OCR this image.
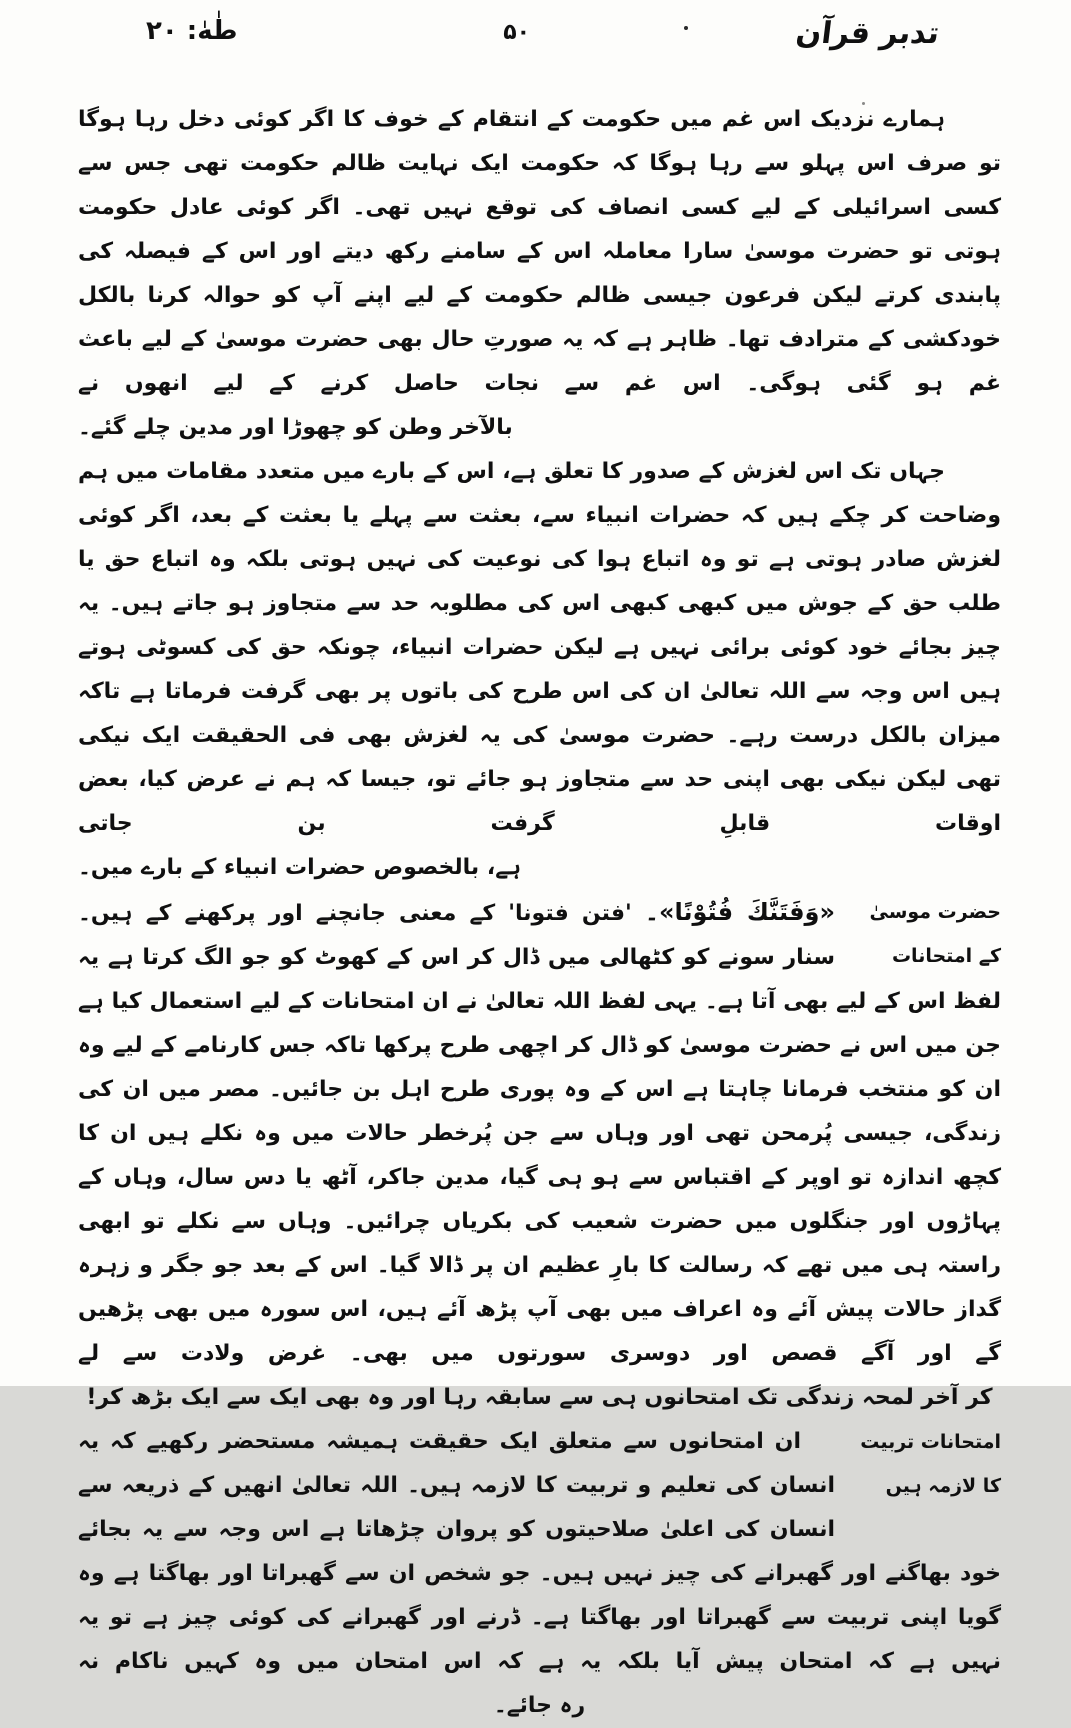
طٰهٰ: ۲۰	۵۰	تدبر قرآن
ہمارے نزدیک اس غم میں حکومت کے انتقام کے خوف کا اگر کوئی دخل رہا ہوگا تو صرف اس پہلو سے رہا ہوگا کہ حکومت ایک نہایت ظالم حکومت تھی جس سے کسی اسرائیلی کے لیے کسی انصاف کی توقع نہیں تھی۔ اگر کوئی عادل حکومت ہوتی تو حضرت موسیٰ سارا معاملہ اس کے سامنے رکھ دیتے اور اس کے فیصلہ کی پابندی کرتے لیکن فرعون جیسی ظالم حکومت کے لیے اپنے آپ کو حوالہ کرنا بالکل خودکشی کے مترادف تھا۔ ظاہر ہے کہ یہ صورتِ حال بھی حضرت موسیٰ کے لیے باعث غم ہو گئی ہوگی۔ اس غم سے نجات حاصل کرنے کے لیے انھوں نے
بالآخر وطن کو چھوڑا اور مدین چلے گئے۔
جہاں تک اس لغزش کے صدور کا تعلق ہے، اس کے بارے میں متعدد مقامات میں ہم وضاحت کر چکے ہیں کہ حضرات انبیاء سے، بعثت سے پہلے یا بعثت کے بعد، اگر کوئی لغزش صادر ہوتی ہے تو وہ اتباع ہوا کی نوعیت کی نہیں ہوتی بلکہ وہ اتباع حق یا طلب حق کے جوش میں کبھی کبھی اس کی مطلوبہ حد سے متجاوز ہو جاتے ہیں۔ یہ چیز بجائے خود کوئی برائی نہیں ہے لیکن حضرات انبیاء، چونکہ حق کی کسوٹی ہوتے ہیں اس وجہ سے اللہ تعالیٰ ان کی اس طرح کی باتوں پر بھی گرفت فرماتا ہے تاکہ میزان بالکل درست رہے۔ حضرت موسیٰ کی یہ لغزش بھی فی الحقیقت ایک نیکی تھی لیکن نیکی بھی اپنی حد سے متجاوز ہو جائے تو، جیسا کہ ہم نے عرض کیا، بعض اوقات قابلِ گرفت بن جاتی
ہے، بالخصوص حضرات انبیاء کے بارے میں۔
حضرت موسیٰ
کے امتحانات
«وَفَتَنَّكَ فُتُوْنًا»۔ 'فتن فتونا' کے معنی جانچنے اور پرکھنے کے ہیں۔ سنار سونے کو کٹھالی میں ڈال کر اس کے کھوٹ کو جو الگ کرتا ہے یہ لفظ اس کے لیے بھی آتا ہے۔ یہی لفظ اللہ تعالیٰ نے ان امتحانات کے لیے استعمال کیا ہے جن میں اس نے حضرت موسیٰ کو ڈال کر اچھی طرح پرکھا تاکہ جس کارنامے کے لیے وہ ان کو منتخب فرمانا چاہتا ہے اس کے وہ پوری طرح اہل بن جائیں۔ مصر میں ان کی زندگی، جیسی پُرمحن تھی اور وہاں سے جن پُرخطر حالات میں وہ نکلے ہیں ان کا کچھ اندازہ تو اوپر کے اقتباس سے ہو ہی گیا، مدین جاکر، آٹھ یا دس سال، وہاں کے پہاڑوں اور جنگلوں میں حضرت شعیب کی بکریاں چرائیں۔ وہاں سے نکلے تو ابھی راستہ ہی میں تھے کہ رسالت کا بارِ عظیم ان پر ڈالا گیا۔ اس کے بعد جو جگر و زہرہ گداز حالات پیش آئے وہ اعراف میں بھی آپ پڑھ آئے ہیں، اس سورہ میں بھی پڑھیں گے اور آگے قصص اور دوسری سورتوں میں بھی۔ غرض ولادت سے لے
کر آخر لمحہ زندگی تک امتحانوں ہی سے سابقہ رہا اور وہ بھی ایک سے ایک بڑھ کر!
امتحانات تربیت
کا لازمہ ہیں
ان امتحانوں سے متعلق ایک حقیقت ہمیشہ مستحضر رکھیے کہ یہ انسان کی تعلیم و تربیت کا لازمہ ہیں۔ اللہ تعالیٰ انھیں کے ذریعہ سے انسان کی اعلیٰ صلاحیتوں کو پروان چڑھاتا ہے اس وجہ سے یہ بجائے خود بھاگنے اور گھبرانے کی چیز نہیں ہیں۔ جو شخص ان سے گھبراتا اور بھاگتا ہے وہ گویا اپنی تربیت سے گھبراتا اور بھاگتا ہے۔ ڈرنے اور گھبرانے کی کوئی چیز ہے تو یہ نہیں ہے کہ امتحان پیش آیا بلکہ یہ ہے کہ اس امتحان میں وہ کہیں ناکام نہ
رہ جائے۔
